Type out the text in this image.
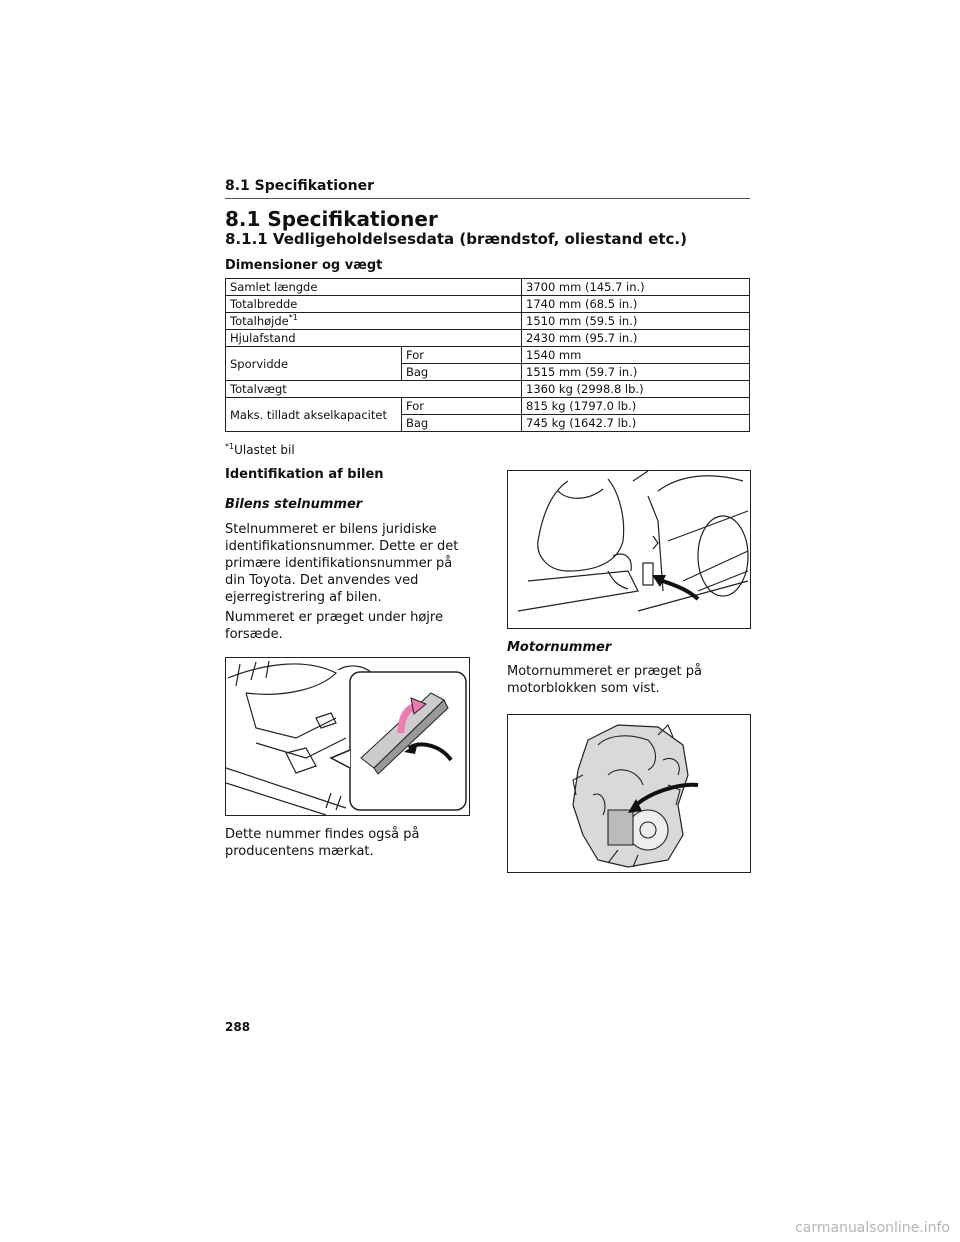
8.1 Specifikationer
8.1 Specifikationer
8.1.1 Vedligeholdelsesdata (brændstof, oliestand etc.)
Dimensioner og vægt
Samlet længde		3700 mm (145.7 in.)
Totalbredde		1740 mm (68.5 in.)
Totalhøjde$^{*1}$		1510 mm (59.5 in.)
Hjulafstand		2430 mm (95.7 in.)
Sporvidde	For	1540 mm
	Bag	1515 mm (59.7 in.)
Totalvægt		1360 kg (2998.8 lb.)
Maks. tilladt akselkapacitet	For	815 kg (1797.0 lb.)
	Bag	745 kg (1642.7 lb.)
$^{*1}$Ulastet bil
Identifikation af bilen
Bilens stelnummer
Stelnummeret er bilens juridiske identifikationsnummer. Dette er det primære identifikationsnummer på din Toyota. Det anvendes ved ejerregistrering af bilen.
Nummeret er præget under højre forsæde.
Dette nummer findes også på producentens mærkat.
Motornummer
Motornummeret er præget på motorblokken som vist.
288
carmanualsonline.info
